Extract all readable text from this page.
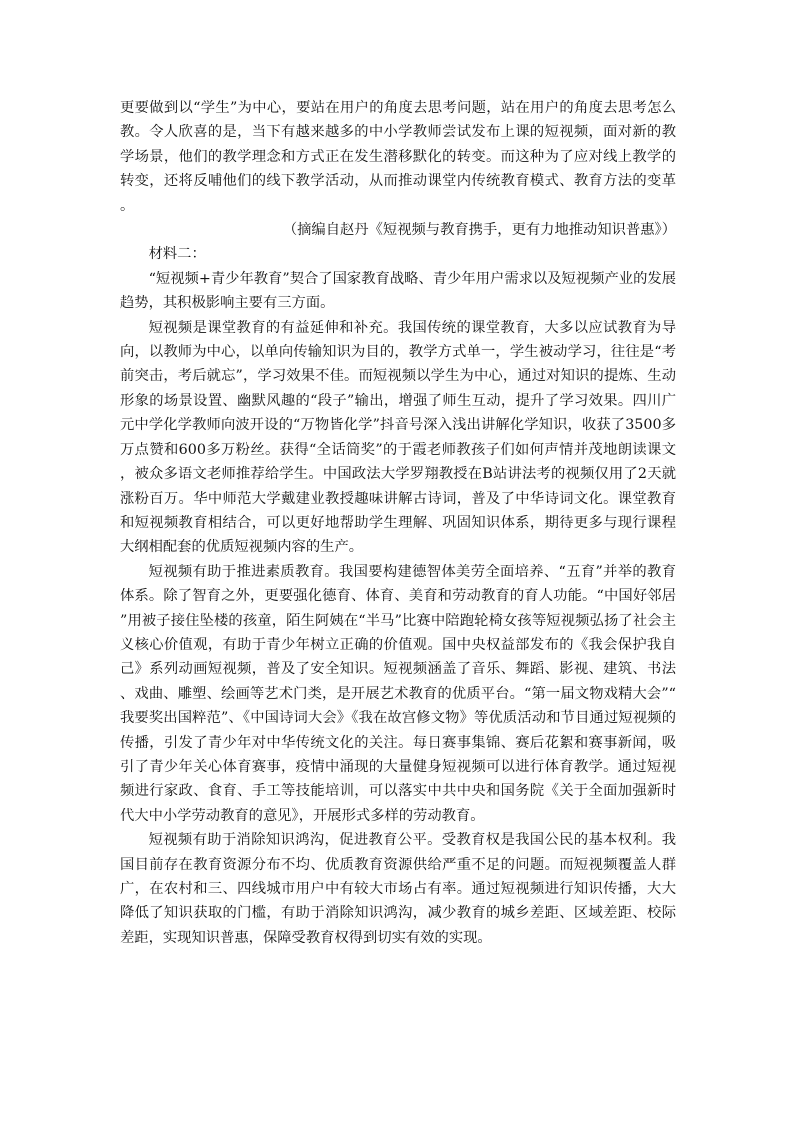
更要做到以“学生”为中心，要站在用户的角度去思考问题，站在用户的角度去思考怎么教。令人欣喜的是，当下有越来越多的中小学教师尝试发布上课的短视频，面对新的教学场景，他们的教学理念和方式正在发生潜移默化的转变。而这种为了应对线上教学的转变，还将反哺他们的线下教学活动，从而推动课堂内传统教育模式、教育方法的变革。

（摘编自赵丹《短视频与教育携手，更有力地推动知识普惠》）

材料二：

“短视频+青少年教育”契合了国家教育战略、青少年用户需求以及短视频产业的发展趋势，其积极影响主要有三方面。

短视频是课堂教育的有益延伸和补充。我国传统的课堂教育，大多以应试教育为导向，以教师为中心，以单向传输知识为目的，教学方式单一，学生被动学习，往往是“考前突击，考后就忘”，学习效果不佳。而短视频以学生为中心，通过对知识的提炼、生动形象的场景设置、幽默风趣的“段子”输出，增强了师生互动，提升了学习效果。四川广元中学化学教师向波开设的“万物皆化学”抖音号深入浅出讲解化学知识，收获了3500多万点赞和600多万粉丝。获得“全话筒奖”的于霞老师教孩子们如何声情并茂地朗读课文，被众多语文老师推荐给学生。中国政法大学罗翔教授在B站讲法考的视频仅用了2天就涨粉百万。华中师范大学戴建业教授趣味讲解古诗词，普及了中华诗词文化。课堂教育和短视频教育相结合，可以更好地帮助学生理解、巩固知识体系，期待更多与现行课程大纲相配套的优质短视频内容的生产。

短视频有助于推进素质教育。我国要构建德智体美劳全面培养、“五育”并举的教育体系。除了智育之外，更要强化德育、体育、美育和劳动教育的育人功能。“中国好邻居”用被子接住坠楼的孩童，陌生阿姨在“半马”比赛中陪跑轮椅女孩等短视频弘扬了社会主义核心价值观，有助于青少年树立正确的价值观。国中央权益部发布的《我会保护我自己》系列动画短视频，普及了安全知识。短视频涵盖了音乐、舞蹈、影视、建筑、书法、戏曲、雕塑、绘画等艺术门类，是开展艺术教育的优质平台。“第一届文物戏精大会”“我要奖出国粹范”、《中国诗词大会》《我在故宫修文物》等优质活动和节目通过短视频的传播，引发了青少年对中华传统文化的关注。每日赛事集锦、赛后花絮和赛事新闻，吸引了青少年关心体育赛事，疫情中涌现的大量健身短视频可以进行体育教学。通过短视频进行家政、食育、手工等技能培训，可以落实中共中央和国务院《关于全面加强新时代大中小学劳动教育的意见》，开展形式多样的劳动教育。

短视频有助于消除知识鸿沟，促进教育公平。受教育权是我国公民的基本权利。我国目前存在教育资源分布不均、优质教育资源供给严重不足的问题。而短视频覆盖人群广，在农村和三、四线城市用户中有较大市场占有率。通过短视频进行知识传播，大大降低了知识获取的门槛，有助于消除知识鸿沟，减少教育的城乡差距、区域差距、校际差距，实现知识普惠，保障受教育权得到切实有效的实现。
